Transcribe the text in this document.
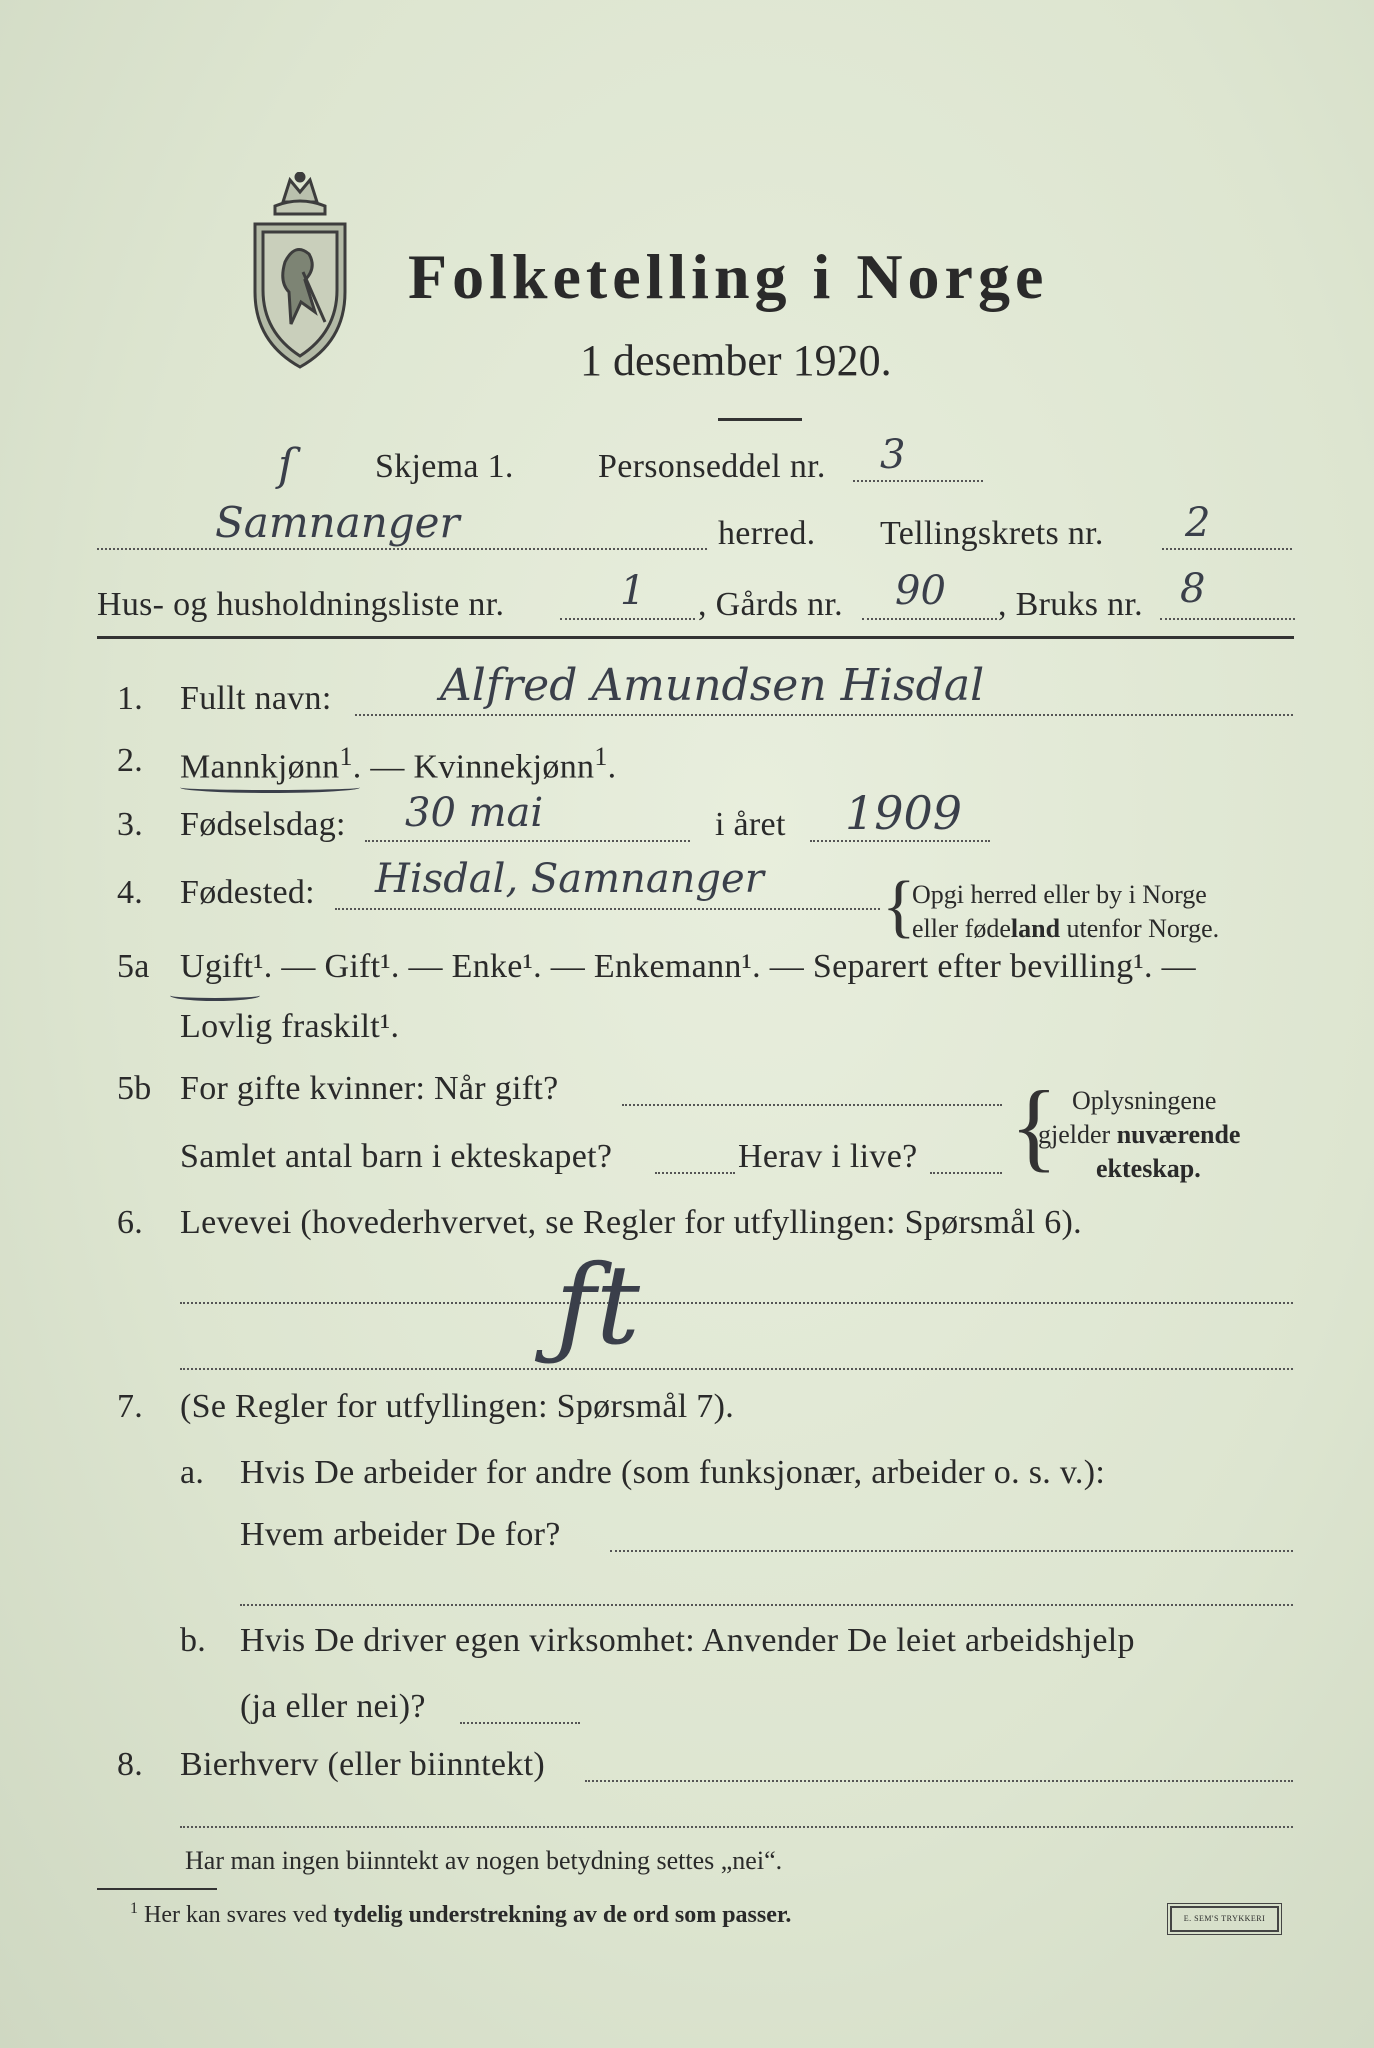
Folketelling i Norge
1 desember 1920.
ſ Skjema 1. Personseddel nr. 3
Samnanger	herred. Tellingskrets nr. 2
Hus- og husholdningsliste nr.	1 , Gårds nr. 90 , Bruks nr. 8
1. Fullt navn: Alfred Amundsen Hisdal
2. Mannkjønn$^1$. — Kvinnekjønn$^1$.
3. Fødselsdag: 30 mai	i året 1909
4. Fødested: Hisdal, Samnanger {
Opgi herred eller by i Norge
eller fødeland utenfor Norge.
5a Ugift¹. — Gift¹. — Enke¹. — Enkemann¹. — Separert efter bevilling¹. —
Lovlig fraskilt¹.
5b For gifte kvinner: Når gift?
Samlet antal barn i ekteskapet?	Herav i live? { Oplysningene
gjelder nuværende
ekteskap.
6. Levevei (hovederhvervet, se Regler for utfyllingen: Spørsmål 6).
ƒt
7. (Se Regler for utfyllingen: Spørsmål 7).
a. Hvis De arbeider for andre (som funksjonær, arbeider o. s. v.):
Hvem arbeider De for?
b. Hvis De driver egen virksomhet: Anvender De leiet arbeidshjelp
(ja eller nei)?
8. Bierhverv (eller biinntekt)
Har man ingen biinntekt av nogen betydning settes „nei“.
$^1$ Her kan svares ved tydelig understrekning av de ord som passer.	E. SEM'S TRYKKERI
